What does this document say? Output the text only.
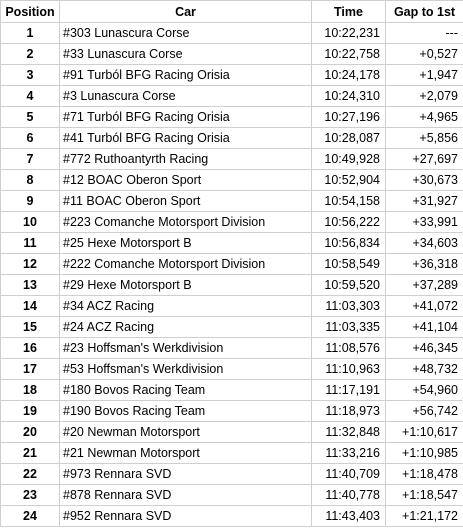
Position	Car	Time	Gap to 1st
1	#303 Lunascura Corse	10:22,231	---
2	#33 Lunascura Corse	10:22,758	+0,527
3	#91 Turból BFG Racing Orisia	10:24,178	+1,947
4	#3 Lunascura Corse	10:24,310	+2,079
5	#71 Turból BFG Racing Orisia	10:27,196	+4,965
6	#41 Turból BFG Racing Orisia	10:28,087	+5,856
7	#772 Ruthoantyrth Racing	10:49,928	+27,697
8	#12 BOAC Oberon Sport	10:52,904	+30,673
9	#11 BOAC Oberon Sport	10:54,158	+31,927
10	#223 Comanche Motorsport Division	10:56,222	+33,991
11	#25 Hexe Motorsport B	10:56,834	+34,603
12	#222 Comanche Motorsport Division	10:58,549	+36,318
13	#29 Hexe Motorsport B	10:59,520	+37,289
14	#34 ACZ Racing	11:03,303	+41,072
15	#24 ACZ Racing	11:03,335	+41,104
16	#23 Hoffsman's Werkdivision	11:08,576	+46,345
17	#53 Hoffsman's Werkdivision	11:10,963	+48,732
18	#180 Bovos Racing Team	11:17,191	+54,960
19	#190 Bovos Racing Team	11:18,973	+56,742
20	#20 Newman Motorsport	11:32,848	+1:10,617
21	#21 Newman Motorsport	11:33,216	+1:10,985
22	#973 Rennara SVD	11:40,709	+1:18,478
23	#878 Rennara SVD	11:40,778	+1:18,547
24	#952 Rennara SVD	11:43,403	+1:21,172
